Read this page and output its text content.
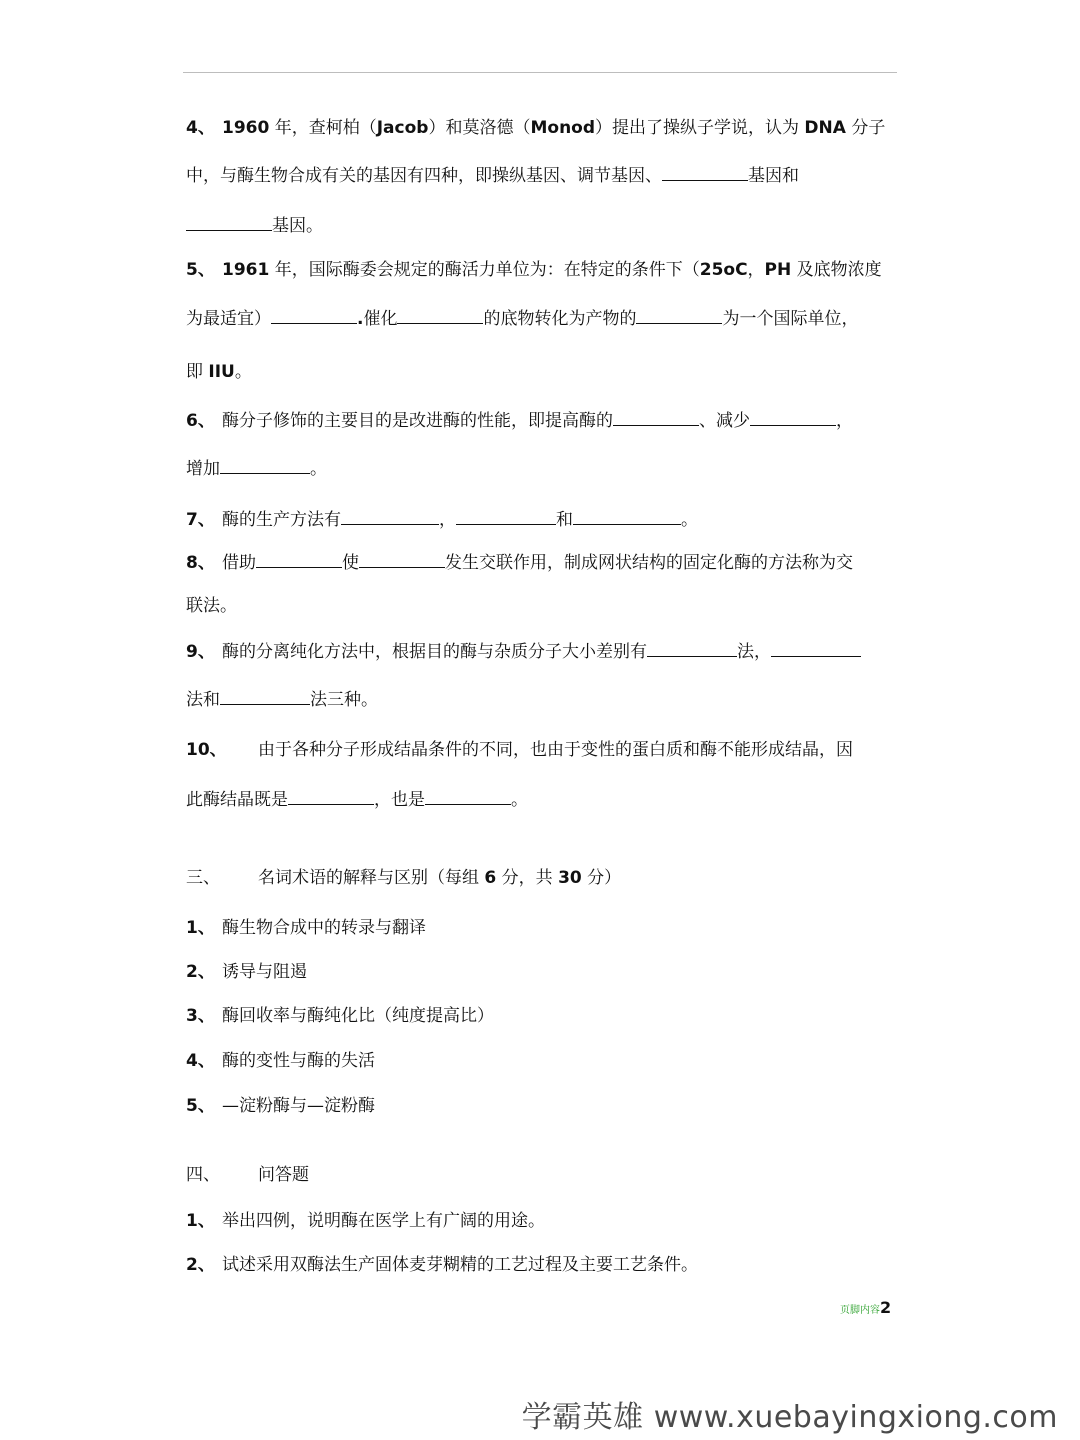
4、 1960 年，查柯柏（Jacob）和莫洛德（Monod）提出了操纵子学说，认为 DNA 分子
中，与酶生物合成有关的基因有四种，即操纵基因、调节基因、	基因和
基因。
5、 1961 年，国际酶委会规定的酶活力单位为：在特定的条件下（25oC，PH 及底物浓度
为最适宜）	.催化	的底物转化为产物的	为一个国际单位，
即 IIU。
6、 酶分子修饰的主要目的是改进酶的性能，即提高酶的	、减少	，
增加	。
7、 酶的生产方法有	，	和	。
8、 借助	使	发生交联作用，制成网状结构的固定化酶的方法称为交
联法。
9、 酶的分离纯化方法中，根据目的酶与杂质分子大小差别有	法，
法和	法三种。
10、 由于各种分子形成结晶条件的不同，也由于变性的蛋白质和酶不能形成结晶，因
此酶结晶既是	，也是	。
三、 名词术语的解释与区别（每组 6 分，共 30 分）
1、 酶生物合成中的转录与翻译
2、 诱导与阻遏
3、 酶回收率与酶纯化比（纯度提高比）
4、 酶的变性与酶的失活
5、 —淀粉酶与—淀粉酶
四、 问答题
1、 举出四例，说明酶在医学上有广阔的用途。
2、 试述采用双酶法生产固体麦芽糊精的工艺过程及主要工艺条件。
页脚内容2
学霸英雄 www.xuebayingxiong.com
